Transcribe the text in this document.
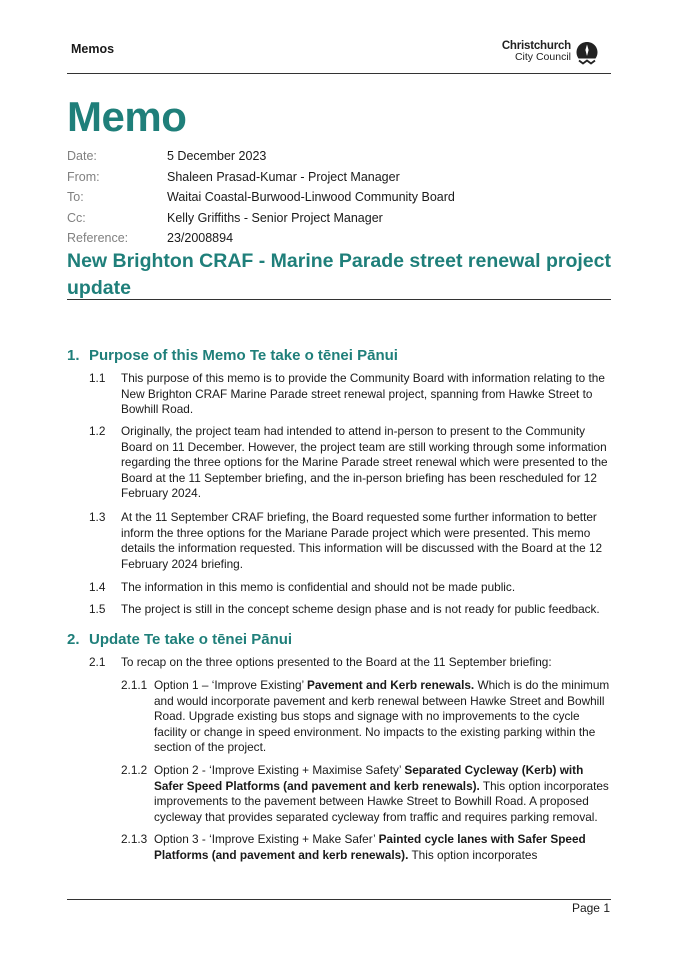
Memos	Christchurch
City Council
Memo
Date:	5 December 2023
From:	Shaleen Prasad-Kumar - Project Manager
To:	Waitai Coastal-Burwood-Linwood Community Board
Cc:	Kelly Griffiths - Senior Project Manager
Reference:	23/2008894
New Brighton CRAF - Marine Parade street renewal project update
1. Purpose of this Memo Te take o tēnei Pānui
1.1	This purpose of this memo is to provide the Community Board with information relating to the New Brighton CRAF Marine Parade street renewal project, spanning from Hawke Street to Bowhill Road.
1.2	Originally, the project team had intended to attend in-person to present to the Community Board on 11 December. However, the project team are still working through some information regarding the three options for the Marine Parade street renewal which were presented to the Board at the 11 September briefing, and the in-person briefing has been rescheduled for 12 February 2024.
1.3	At the 11 September CRAF briefing, the Board requested some further information to better inform the three options for the Mariane Parade project which were presented. This memo details the information requested. This information will be discussed with the Board at the 12 February 2024 briefing.
1.4	The information in this memo is confidential and should not be made public.
1.5	The project is still in the concept scheme design phase and is not ready for public feedback.
2. Update Te take o tēnei Pānui
2.1	To recap on the three options presented to the Board at the 11 September briefing:
2.1.1 Option 1 – ‘Improve Existing’ Pavement and Kerb renewals. Which is do the minimum and would incorporate pavement and kerb renewal between Hawke Street and Bowhill Road. Upgrade existing bus stops and signage with no improvements to the cycle facility or change in speed environment. No impacts to the existing parking within the section of the project.
2.1.2 Option 2 - ‘Improve Existing + Maximise Safety’ Separated Cycleway (Kerb) with Safer Speed Platforms (and pavement and kerb renewals). This option incorporates improvements to the pavement between Hawke Street to Bowhill Road. A proposed cycleway that provides separated cycleway from traffic and requires parking removal.
2.1.3 Option 3 - ‘Improve Existing + Make Safer’ Painted cycle lanes with Safer Speed Platforms (and pavement and kerb renewals). This option incorporates
Page 1
